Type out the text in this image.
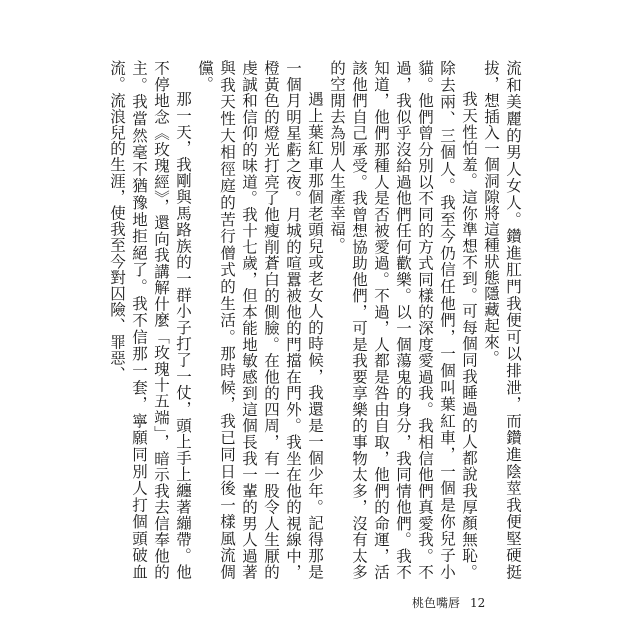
流和美麗的男人女人。鑽進肛門我便可以排泄，而鑽進陰莖我便堅硬挺拔，想插入一個洞隙將這種狀態隱藏起來。

我天性怕羞。這你準想不到。可每個同我睡過的人都說我厚顏無恥。除去兩、三個人。我至今仍信任他們，一個叫葉紅車，一個是你兒子小貓。他們曾分別以不同的方式同樣的深度愛過我。我相信他們真愛我。不過，我似乎沒給過他們任何歡樂。以一個蕩鬼的身分，我同情他們。我不知道，他們那種人是否被愛過。不過，人都是咎由自取，他們的命運，活該他們自己承受。我曾想協助他們，可是我要享樂的事物太多，沒有太多的空閒去為別人生產幸福。

遇上葉紅車那個老頭兒或老女人的時候，我還是一個少年。記得那是一個月明星虧之夜。月城的喧囂被他的門擋在門外。我坐在他的視線中，橙黃色的燈光打亮了他瘦削蒼白的側臉。在他的四周，有一股令人生厭的虔誠和信仰的味道。我十七歲，但本能地敏感到這個長我一輩的男人過著與我天性大相徑庭的苦行僧式的生活。那時候，我已同日後一樣風流倜儻。

那一天，我剛與馬路族的一群小子打了一仗，頭上手上纏著繃帶。他不停地念《玫瑰經》，還向我講解什麼「玫瑰十五端」，暗示我去信奉他的主。我當然毫不猶豫地拒絕了。我不信那一套，寧願同別人打個頭破血流。流浪兒的生涯，使我至今對囚險、罪惡、

桃色嘴唇 12
